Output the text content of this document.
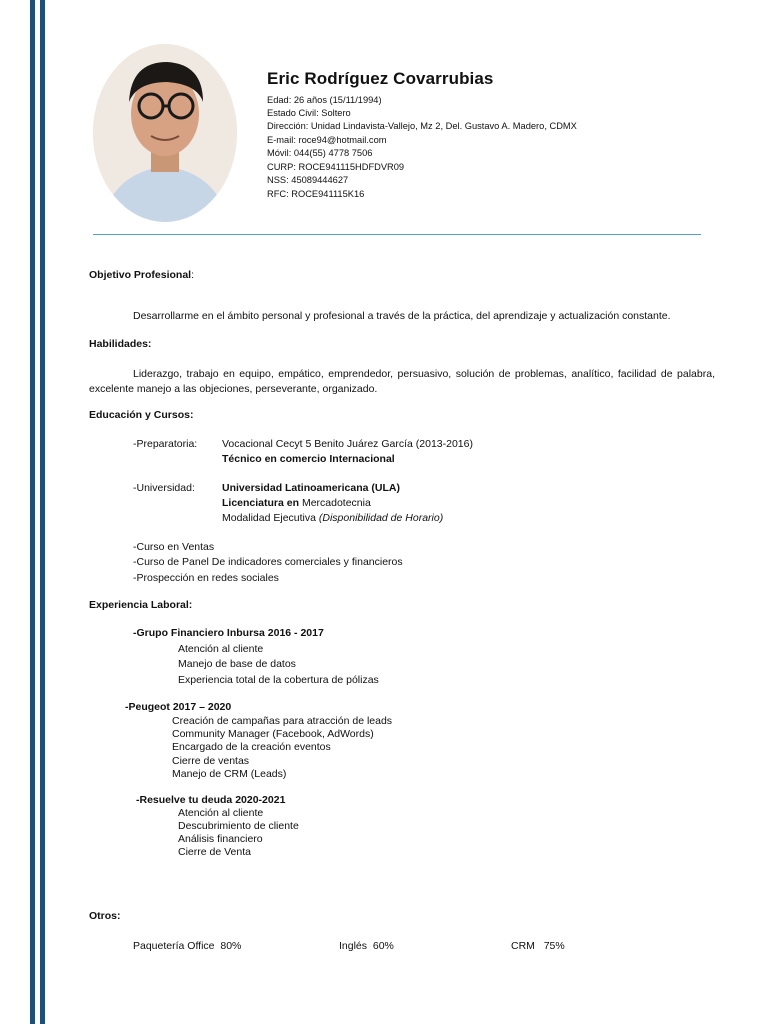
Eric Rodríguez Covarrubias
Edad: 26 años (15/11/1994)
Estado Civil: Soltero
Dirección: Unidad Lindavista-Vallejo, Mz 2, Del. Gustavo A. Madero, CDMX
E-mail: roce94@hotmail.com
Móvil: 044(55) 4778 7506
CURP: ROCE941115HDFDVR09
NSS: 45089444627
RFC: ROCE941115K16
Objetivo Profesional:
Desarrollarme en el ámbito personal y profesional a través de la práctica, del aprendizaje y actualización constante.
Habilidades:
Liderazgo, trabajo en equipo, empático, emprendedor, persuasivo, solución de problemas, analítico, facilidad de palabra, excelente manejo a las objeciones, perseverante, organizado.
Educación y Cursos:
-Preparatoria: Vocacional Cecyt 5 Benito Juárez García (2013-2016)
Técnico en comercio Internacional
-Universidad:	Universidad Latinoamericana (ULA)
Licenciatura en Mercadotecnia
Modalidad Ejecutiva (Disponibilidad de Horario)
-Curso en Ventas
-Curso de Panel De indicadores comerciales y financieros
-Prospección en redes sociales
Experiencia Laboral:
-Grupo Financiero Inbursa 2016 - 2017
Atención al cliente
Manejo de base de datos
Experiencia total de la cobertura de pólizas
-Peugeot 2017 – 2020
Creación de campañas para atracción de leads
Community Manager (Facebook, AdWords)
Encargado de la creación eventos
Cierre de ventas
Manejo de CRM (Leads)
-Resuelve tu deuda 2020-2021
Atención al cliente
Descubrimiento de cliente
Análisis financiero
Cierre de Venta
Otros:
Paquetería Office 80%	Inglés 60%	CRM 75%
